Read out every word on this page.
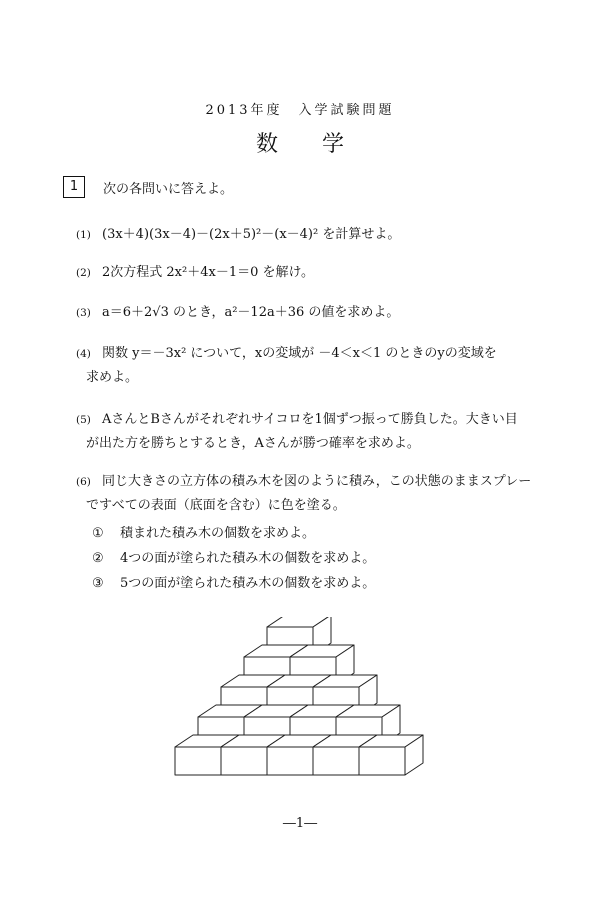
2013年度　入学試験問題
数学
1	次の各問いに答えよ。
(1) (3x＋4)(3x－4)－(2x＋5)²－(x－4)² を計算せよ。
(2) 2次方程式 2x²＋4x－1＝0 を解け。
(3) a＝6＋2√3 のとき，a²－12a＋36 の値を求めよ。
(4) 関数 y＝－3x² について，xの変域が －4＜x＜1 のときのyの変域を
求めよ。
(5) AさんとBさんがそれぞれサイコロを1個ずつ振って勝負した。大きい目
が出た方を勝ちとするとき，Aさんが勝つ確率を求めよ。
(6) 同じ大きさの立方体の積み木を図のように積み，この状態のままスプレー
ですべての表面（底面を含む）に色を塗る。
① 積まれた積み木の個数を求めよ。
② 4つの面が塗られた積み木の個数を求めよ。
③ 5つの面が塗られた積み木の個数を求めよ。
―1―
